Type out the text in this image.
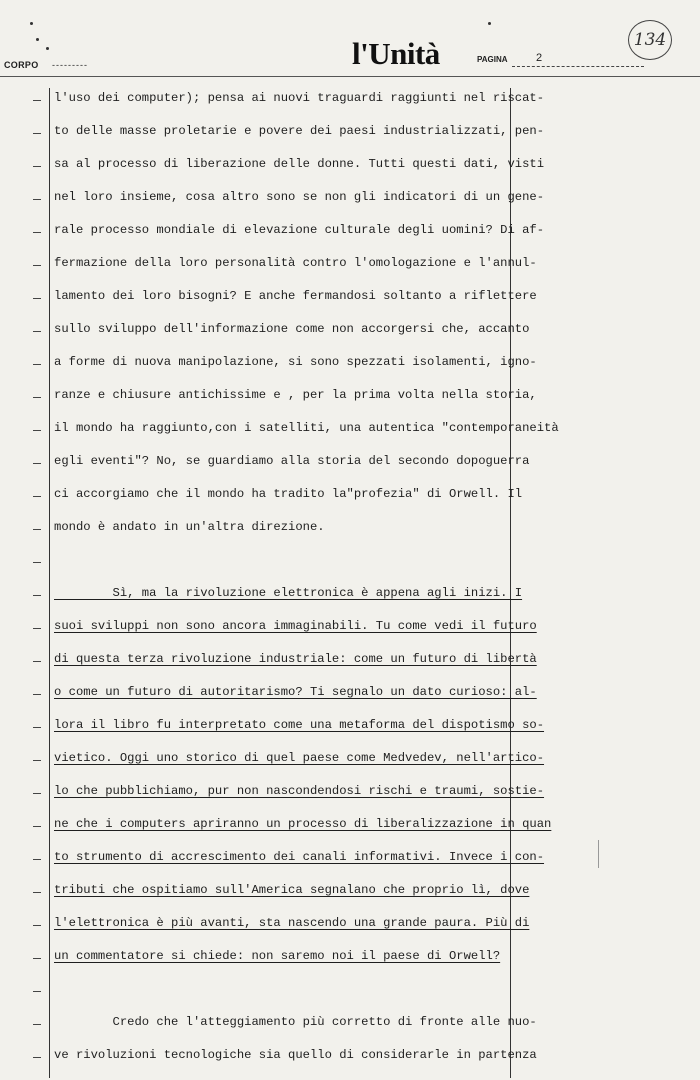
CORPO ---------	l'Unità	PAGINA	2
134
l'uso dei computer); pensa ai nuovi traguardi raggiunti nel riscat-
to delle masse proletarie e povere dei paesi industrializzati, pen-
sa al processo di liberazione delle donne. Tutti questi dati, visti
nel loro insieme, cosa altro sono se non gli indicatori di un gene-
rale processo mondiale di elevazione culturale degli uomini? Di af-
fermazione della loro personalità contro l'omologazione e l'annul-
lamento dei loro bisogni? E anche fermandosi soltanto a riflettere
sullo sviluppo dell'informazione come non accorgersi che, accanto
a forme di nuova manipolazione, si sono spezzati isolamenti, igno-
ranze e chiusure antichissime e , per la prima volta nella storia,
il mondo ha raggiunto,con i satelliti, una autentica "contemporaneità
egli eventi"? No, se guardiamo alla storia del secondo dopoguerra
ci accorgiamo che il mondo ha tradito la"profezia" di Orwell. Il
mondo è andato in un'altra direzione.
Sì, ma la rivoluzione elettronica è appena agli inizi. I
suoi sviluppi non sono ancora immaginabili. Tu come vedi il futuro
di questa terza rivoluzione industriale: come un futuro di libertà
o come un futuro di autoritarismo? Ti segnalo un dato curioso: al-
lora il libro fu interpretato come una metaforma del dispotismo so-
vietico. Oggi uno storico di quel paese come Medvedev, nell'artico-
lo che pubblichiamo, pur non nascondendosi rischi e traumi, sostie-
ne che i computers apriranno un processo di liberalizzazione in quan
to strumento di accrescimento dei canali informativi. Invece i con-
tributi che ospitiamo sull'America segnalano che proprio lì, dove
l'elettronica è più avanti, sta nascendo una grande paura. Più di
un commentatore si chiede: non saremo noi il paese di Orwell?
Credo che l'atteggiamento più corretto di fronte alle nuo-
ve rivoluzioni tecnologiche sia quello di considerarle in partenza
